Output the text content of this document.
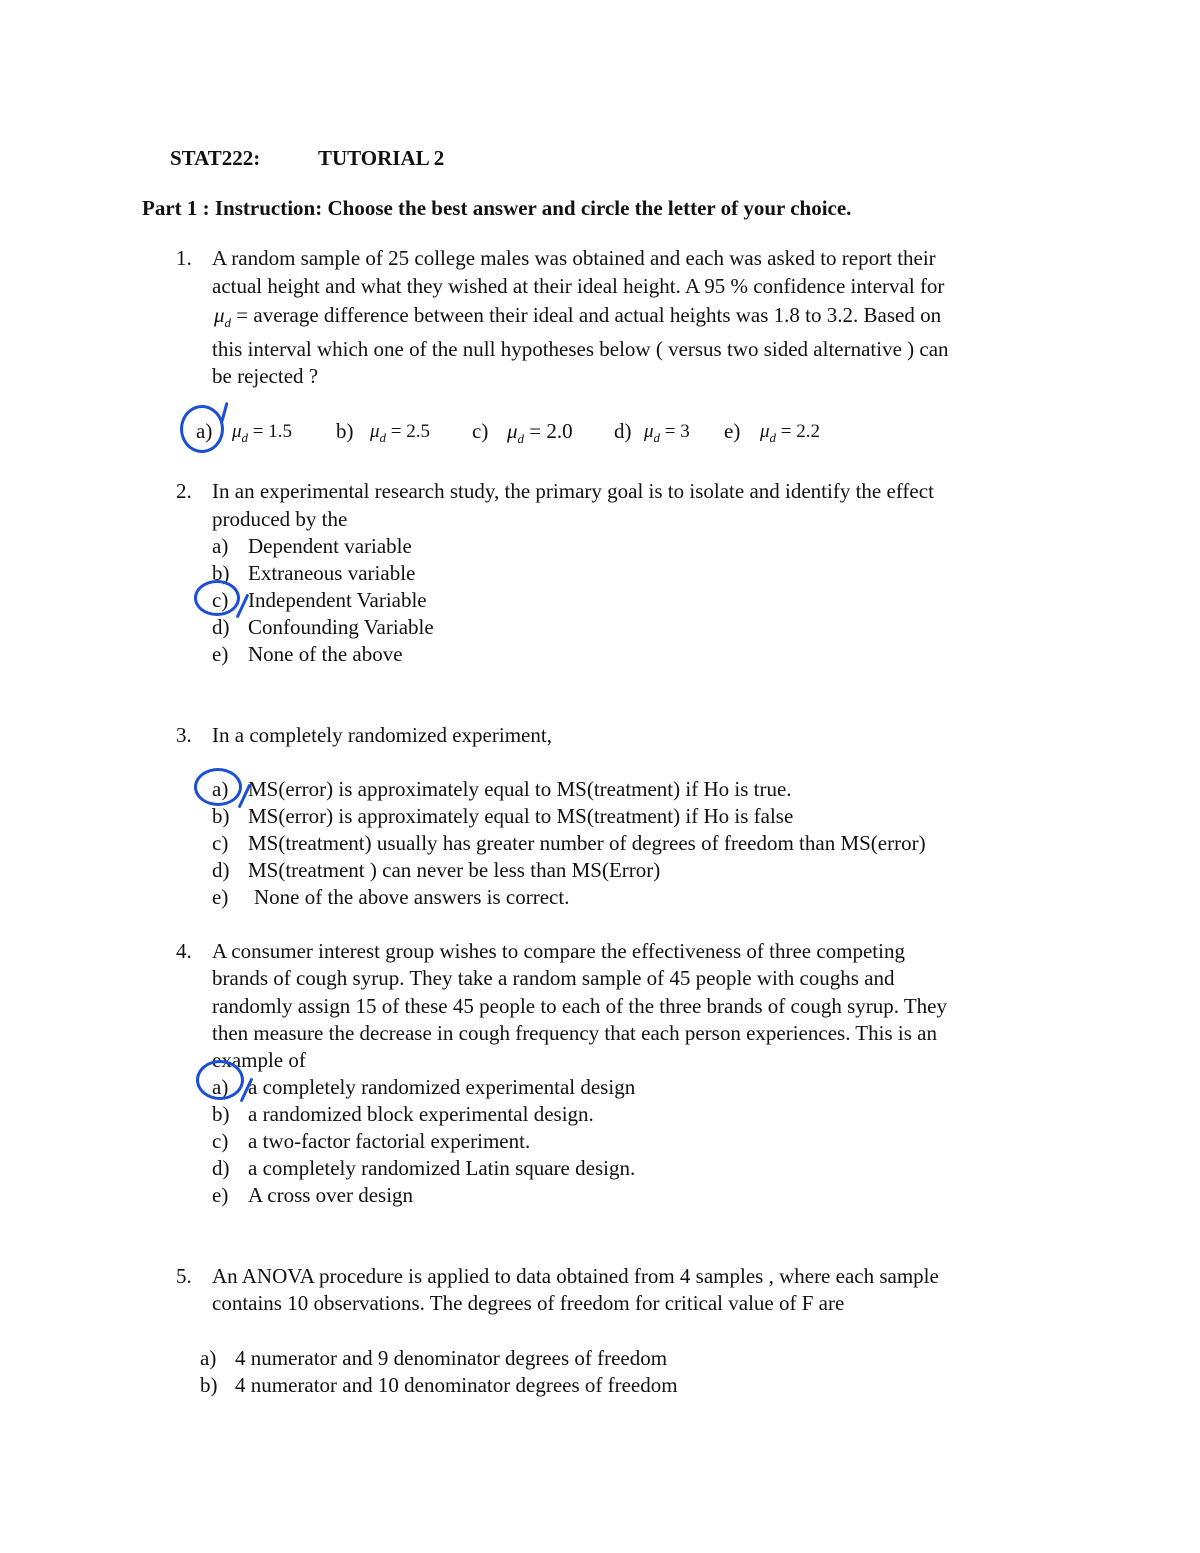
STAT222:	TUTORIAL 2
Part 1 : Instruction: Choose the best answer and circle the letter of your choice.
1. A random sample of 25 college males was obtained and each was asked to report their
actual height and what they wished at their ideal height. A 95 % confidence interval for
$\mu_d$ = average difference between their ideal and actual heights was 1.8 to 3.2. Based on
this interval which one of the null hypotheses below ( versus two sided alternative ) can
be rejected ?
a) $\mu_d = 1.5$ b) $\mu_d = 2.5$ c) $\mu_d = 2.0$ d) $\mu_d = 3$ e) $\mu_d = 2.2$
2. In an experimental research study, the primary goal is to isolate and identify the effect
produced by the
a) Dependent variable
b) Extraneous variable
c) Independent Variable
d) Confounding Variable
e) None of the above
3. In a completely randomized experiment,
a) MS(error) is approximately equal to MS(treatment) if Ho is true.
b) MS(error) is approximately equal to MS(treatment) if Ho is false
c) MS(treatment) usually has greater number of degrees of freedom than MS(error)
d) MS(treatment ) can never be less than MS(Error)
e) None of the above answers is correct.
4. A consumer interest group wishes to compare the effectiveness of three competing
brands of cough syrup. They take a random sample of 45 people with coughs and
randomly assign 15 of these 45 people to each of the three brands of cough syrup. They
then measure the decrease in cough frequency that each person experiences. This is an
example of
a) a completely randomized experimental design
b) a randomized block experimental design.
c) a two-factor factorial experiment.
d) a completely randomized Latin square design.
e) A cross over design
5. An ANOVA procedure is applied to data obtained from 4 samples , where each sample
contains 10 observations. The degrees of freedom for critical value of F are
a) 4 numerator and 9 denominator degrees of freedom
b) 4 numerator and 10 denominator degrees of freedom
